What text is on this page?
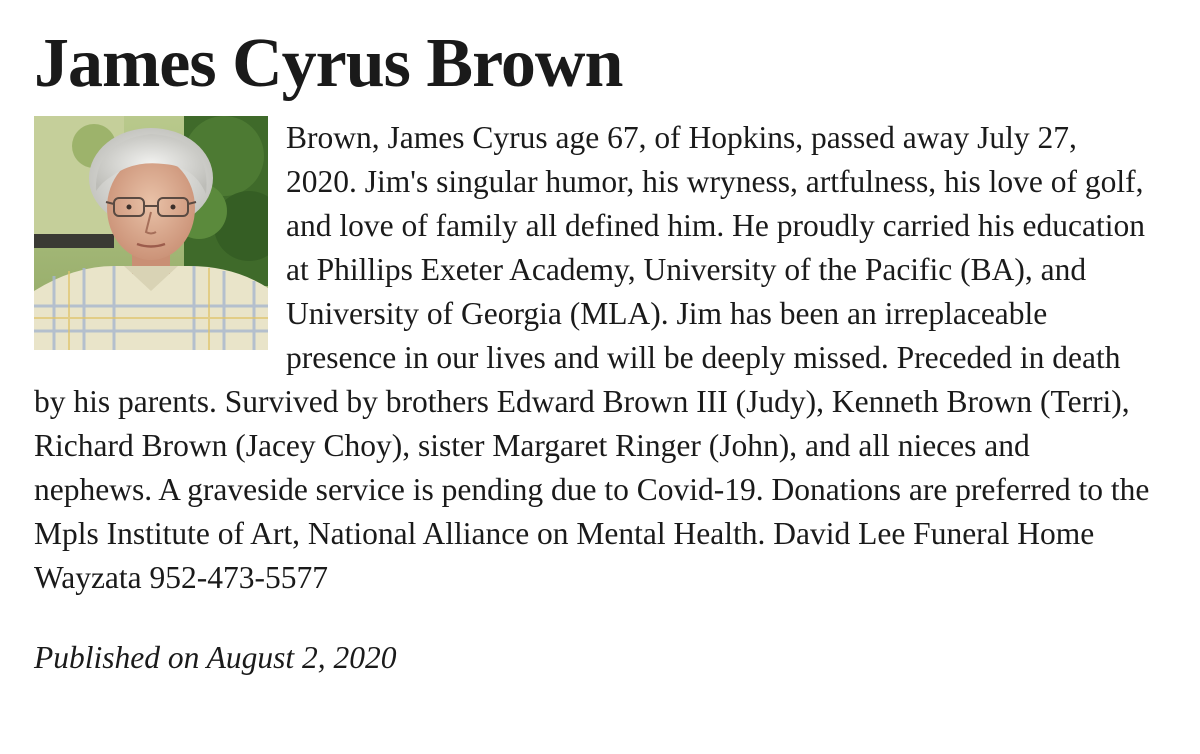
James Cyrus Brown
Brown, James Cyrus age 67, of Hopkins, passed away July 27, 2020. Jim's singular humor, his wryness, artfulness, his love of golf, and love of family all defined him. He proudly carried his education at Phillips Exeter Academy, University of the Pacific (BA), and University of Georgia (MLA). Jim has been an irreplaceable presence in our lives and will be deeply missed. Preceded in death by his parents. Survived by brothers Edward Brown III (Judy), Kenneth Brown (Terri), Richard Brown (Jacey Choy), sister Margaret Ringer (John), and all nieces and nephews. A graveside service is pending due to Covid-19. Donations are preferred to the Mpls Institute of Art, National Alliance on Mental Health. David Lee Funeral Home Wayzata 952-473-5577
Published on August 2, 2020
